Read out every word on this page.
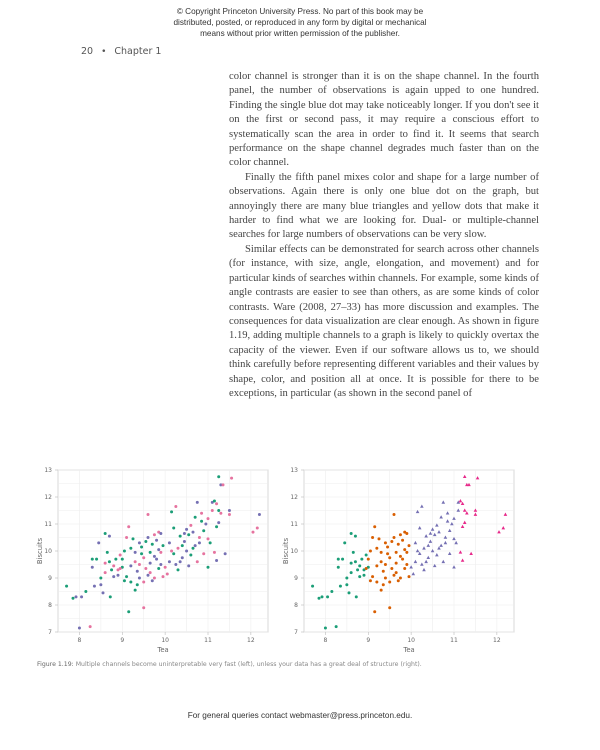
© Copyright Princeton University Press. No part of this book may be
distributed, posted, or reproduced in any form by digital or mechanical
means without prior written permission of the publisher.
20 • Chapter 1

color channel is stronger than it is on the shape channel. In the fourth panel, the number of observations is again upped to one hundred. Finding the single blue dot may take noticeably longer. If you don't see it on the first or second pass, it may require a conscious effort to systematically scan the area in order to find it. It seems that search performance on the shape channel degrades much faster than on the color channel.

Finally the fifth panel mixes color and shape for a large number of observations. Again there is only one blue dot on the graph, but annoyingly there are many blue triangles and yellow dots that make it harder to find what we are looking for. Dual- or multiple-channel searches for large numbers of observations can be very slow.

Similar effects can be demonstrated for search across other channels (for instance, with size, angle, elongation, and movement) and for particular kinds of searches within channels. For example, some kinds of angle contrasts are easier to see than others, as are some kinds of color contrasts. Ware (2008, 27–33) has more discussion and examples. The consequences for data visualization are clear enough. As shown in figure 1.19, adding multiple channels to a graph is likely to quickly overtax the capacity of the viewer. Even if our software allows us to, we should think carefully before representing different variables and their values by shape, color, and position all at once. It is possible for there to be exceptions, in particular (as shown in the second panel of

7
8
9
10
11
12
13
8	9	10	11	12
Tea
Biscuits
7
8
9
10
11
12
13
8	9	10	11	12
Tea
Biscuits
Figure 1.19: Multiple channels become uninterpretable very fast (left), unless your data has a great deal of structure (right).
For general queries contact webmaster@press.princeton.edu.
